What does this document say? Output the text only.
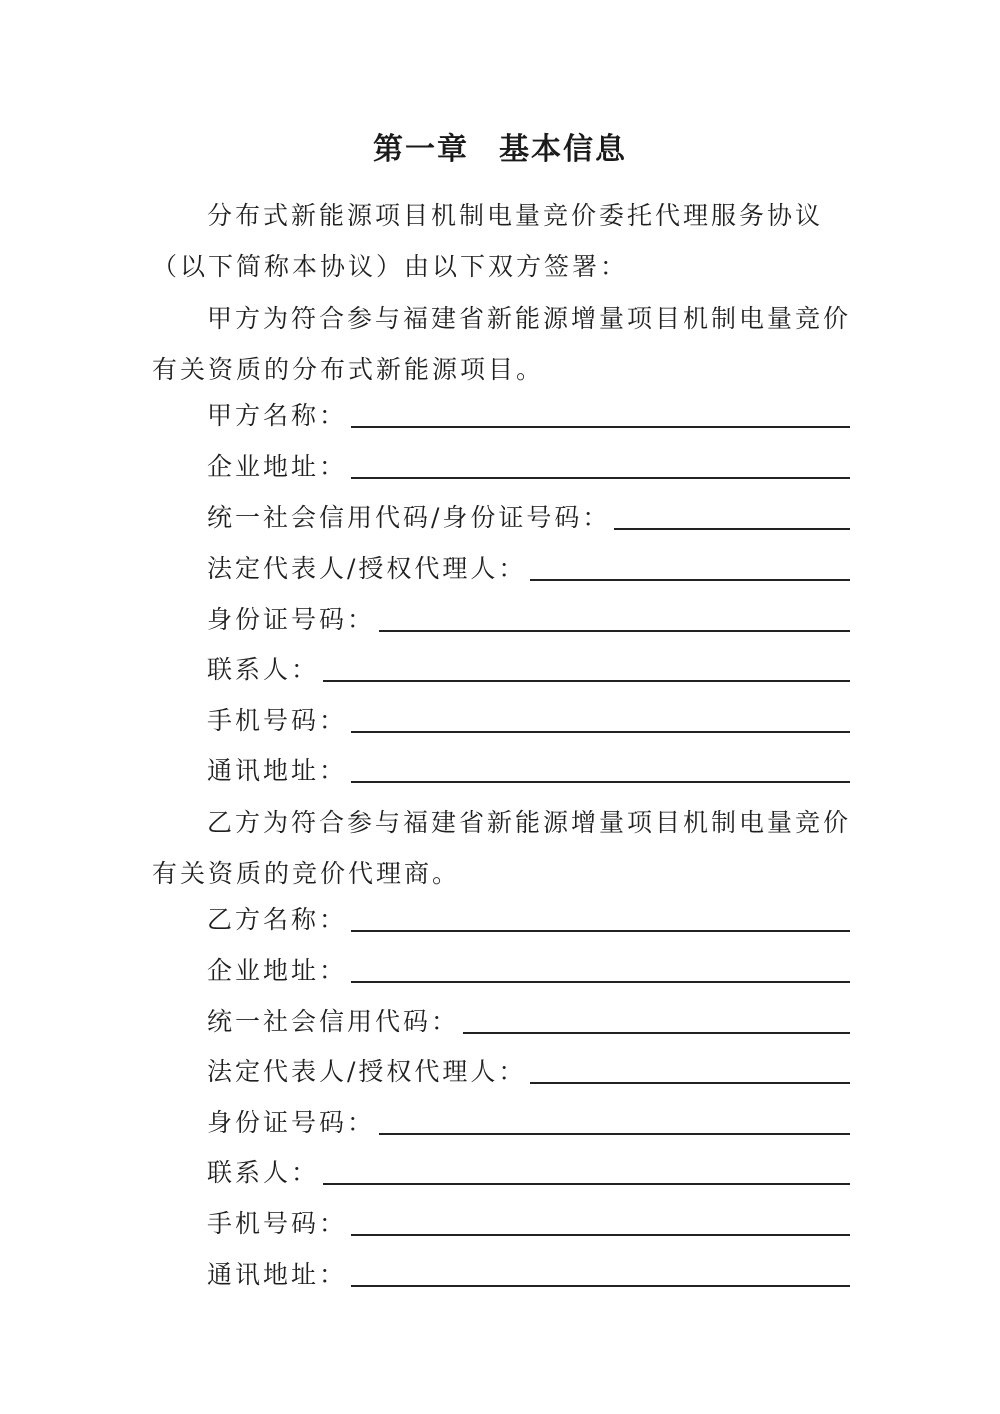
第一章 基本信息

分布式新能源项目机制电量竞价委托代理服务协议（以下简称本协议）由以下双方签署：

甲方为符合参与福建省新能源增量项目机制电量竞价有关资质的分布式新能源项目。

甲方名称：
企业地址：
统一社会信用代码/身份证号码：
法定代表人/授权代理人：
身份证号码：
联系人：
手机号码：
通讯地址：

乙方为符合参与福建省新能源增量项目机制电量竞价有关资质的竞价代理商。

乙方名称：
企业地址：
统一社会信用代码：
法定代表人/授权代理人：
身份证号码：
联系人：
手机号码：
通讯地址：
